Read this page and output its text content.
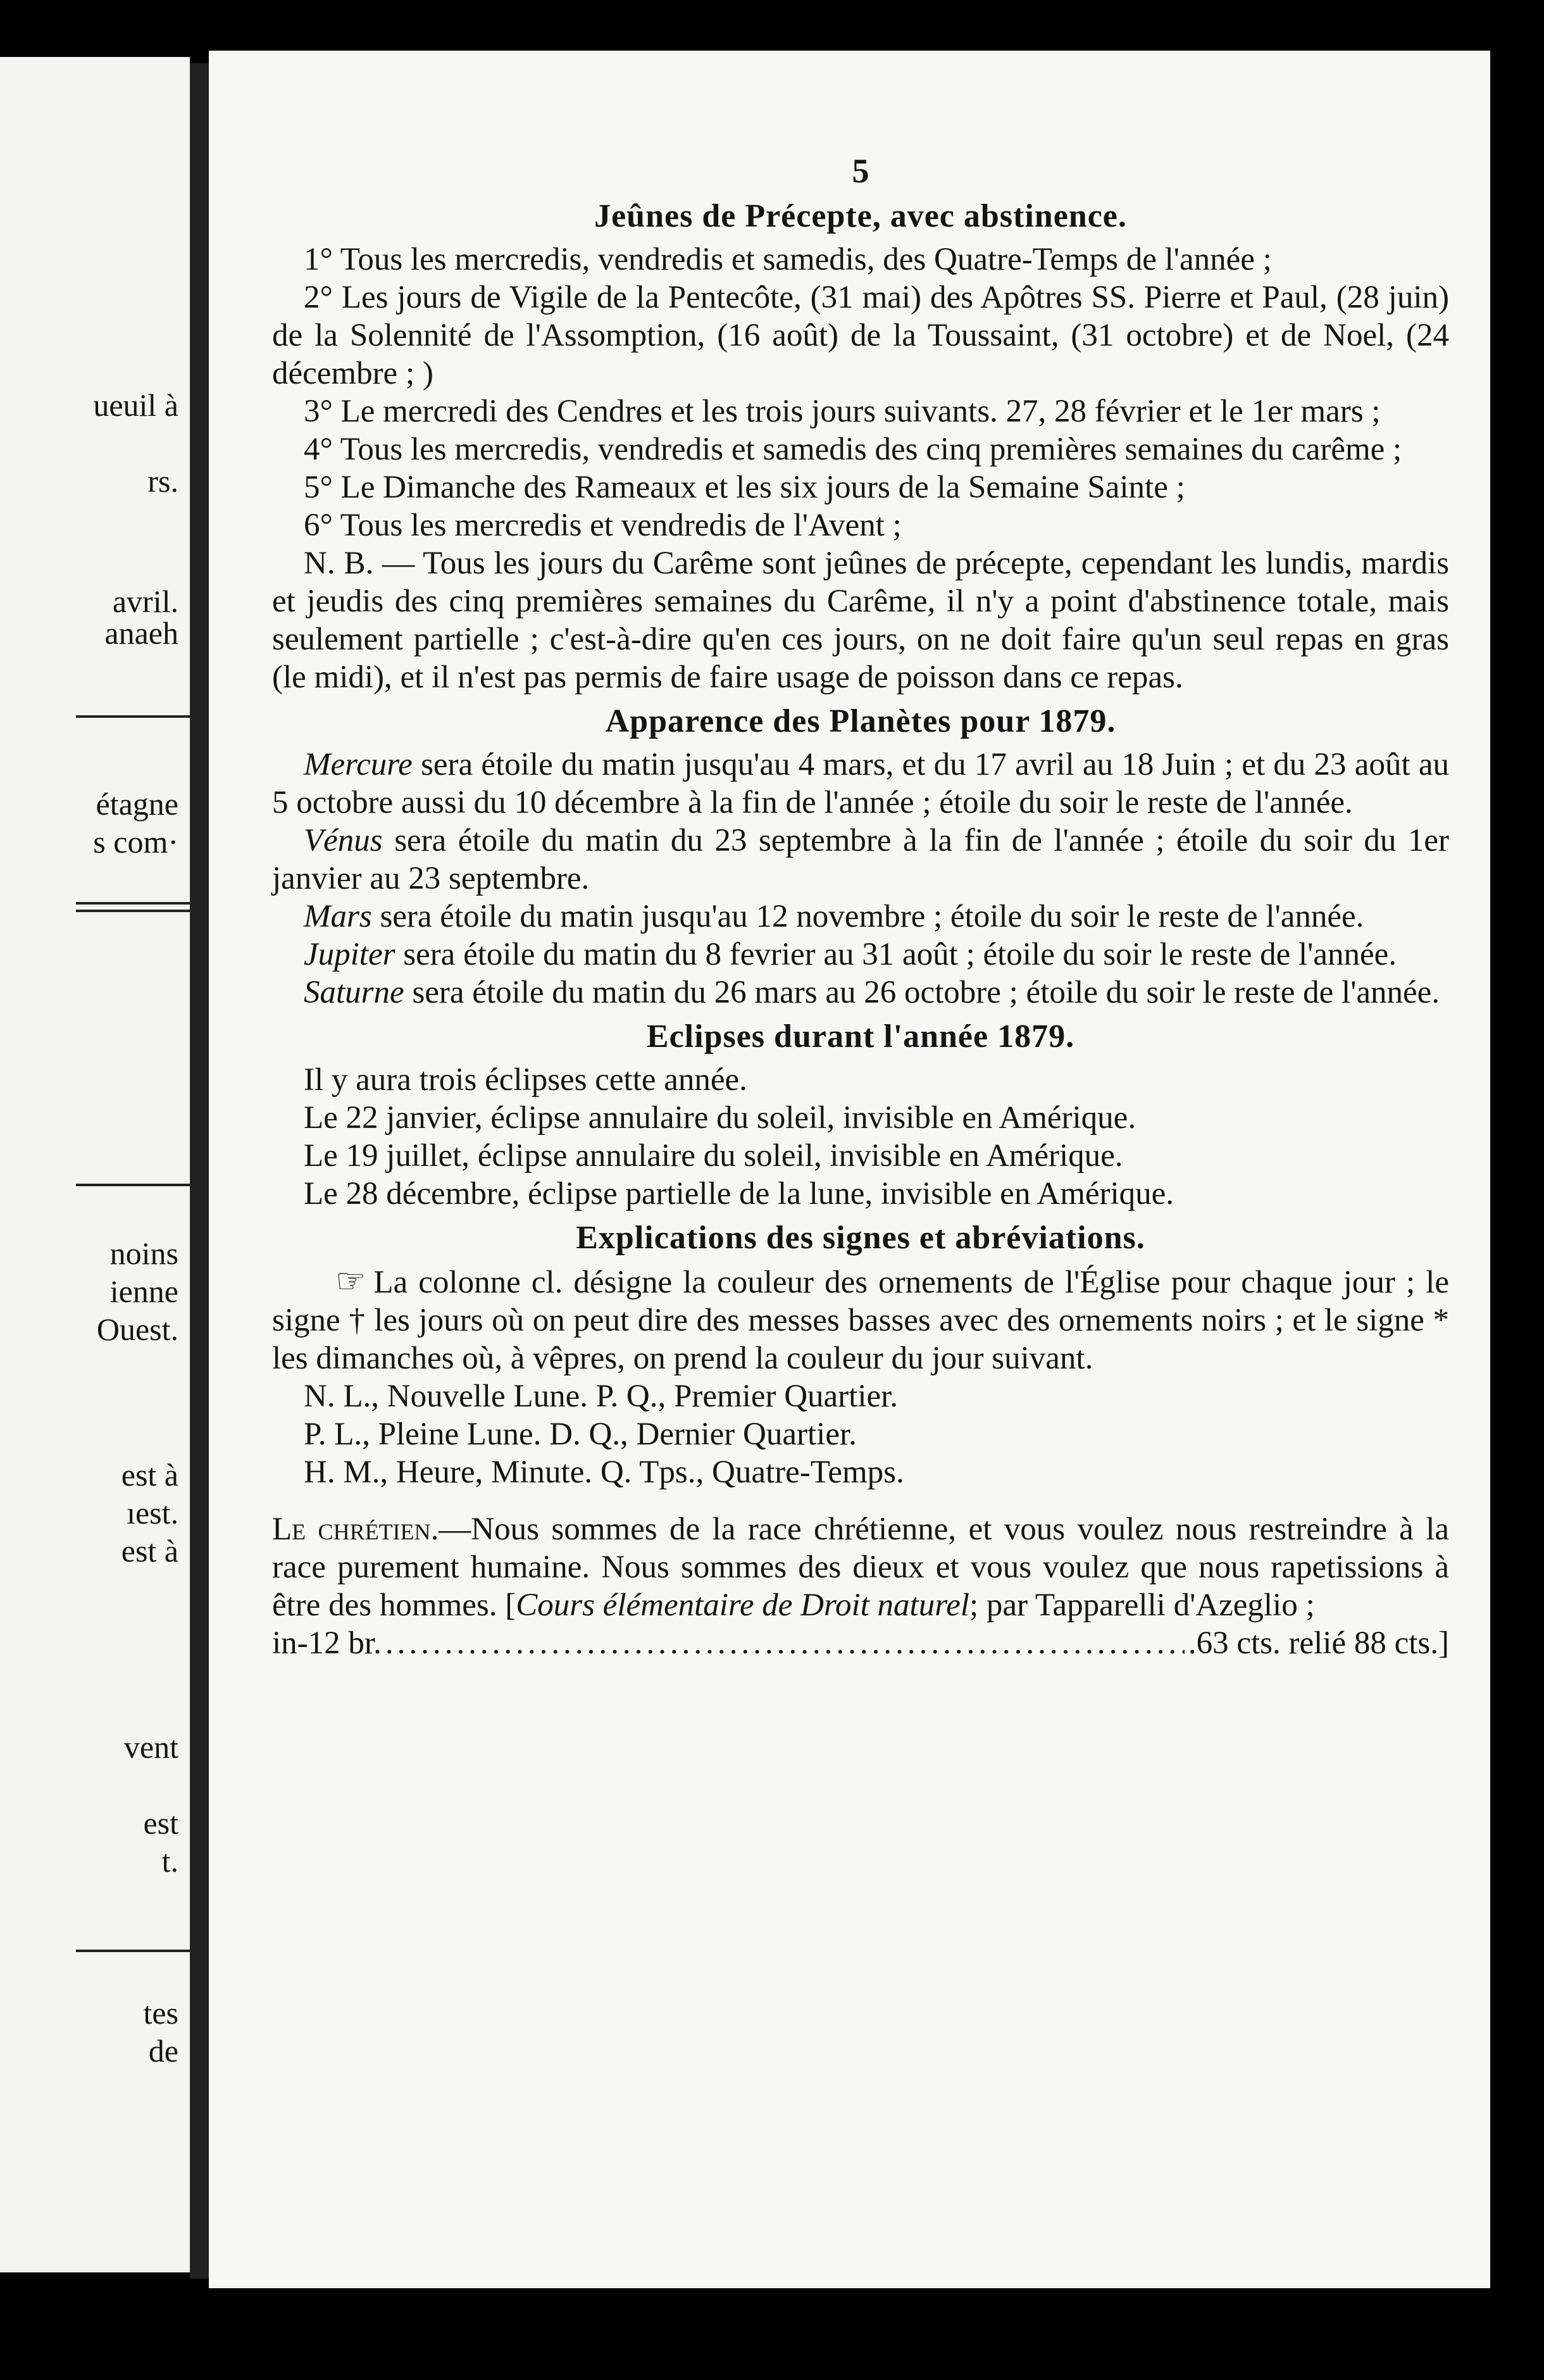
ueuil à
rs.
avril.
anaeh
étagne
s com·
noins
ienne
Ouest.
est à
ıest.
est à
vent
est
t.
tes
de
5
Jeûnes de Précepte, avec abstinence.

1° Tous les mercredis, vendredis et samedis, des Quatre-Temps de l'année ;

2° Les jours de Vigile de la Pentecôte, (31 mai) des Apôtres SS. Pierre et Paul, (28 juin) de la Solennité de l'Assomption, (16 août) de la Toussaint, (31 octobre) et de Noel, (24 décembre ; )

3° Le mercredi des Cendres et les trois jours suivants. 27, 28 février et le 1er mars ;

4° Tous les mercredis, vendredis et samedis des cinq premières semaines du carême ;

5° Le Dimanche des Rameaux et les six jours de la Semaine Sainte ;

6° Tous les mercredis et vendredis de l'Avent ;

N. B. — Tous les jours du Carême sont jeûnes de précepte, cependant les lundis, mardis et jeudis des cinq premières semaines du Carême, il n'y a point d'abstinence totale, mais seulement partielle ; c'est-à-dire qu'en ces jours, on ne doit faire qu'un seul repas en gras (le midi), et il n'est pas permis de faire usage de poisson dans ce repas.

Apparence des Planètes pour 1879.

Mercure sera étoile du matin jusqu'au 4 mars, et du 17 avril au 18 Juin ; et du 23 août au 5 octobre aussi du 10 décembre à la fin de l'année ; étoile du soir le reste de l'année.

Vénus sera étoile du matin du 23 septembre à la fin de l'année ; étoile du soir du 1er janvier au 23 septembre.

Mars sera étoile du matin jusqu'au 12 novembre ; étoile du soir le reste de l'année.

Jupiter sera étoile du matin du 8 fevrier au 31 août ; étoile du soir le reste de l'année.

Saturne sera étoile du matin du 26 mars au 26 octobre ; étoile du soir le reste de l'année.

Eclipses durant l'année 1879.

Il y aura trois éclipses cette année.

Le 22 janvier, éclipse annulaire du soleil, invisible en Amérique.

Le 19 juillet, éclipse annulaire du soleil, invisible en Amérique.

Le 28 décembre, éclipse partielle de la lune, invisible en Amérique.

Explications des signes et abréviations.

☞ La colonne cl. désigne la couleur des ornements de l'Église pour chaque jour ; le signe † les jours où on peut dire des messes basses avec des ornements noirs ; et le signe * les dimanches où, à vêpres, on prend la couleur du jour suivant.

N. L., Nouvelle Lune. P. Q., Premier Quartier.

P. L., Pleine Lune. D. Q., Dernier Quartier.

H. M., Heure, Minute. Q. Tps., Quatre-Temps.

Le chrétien.—Nous sommes de la race chrétienne, et vous voulez nous restreindre à la race purement humaine. Nous sommes des dieux et vous voulez que nous rapetissions à être des hommes. [Cours élémentaire de Droit naturel; par Tapparelli d'Azeglio ;

in-12 br.
.....	.63 cts. relié 88 cts.]
